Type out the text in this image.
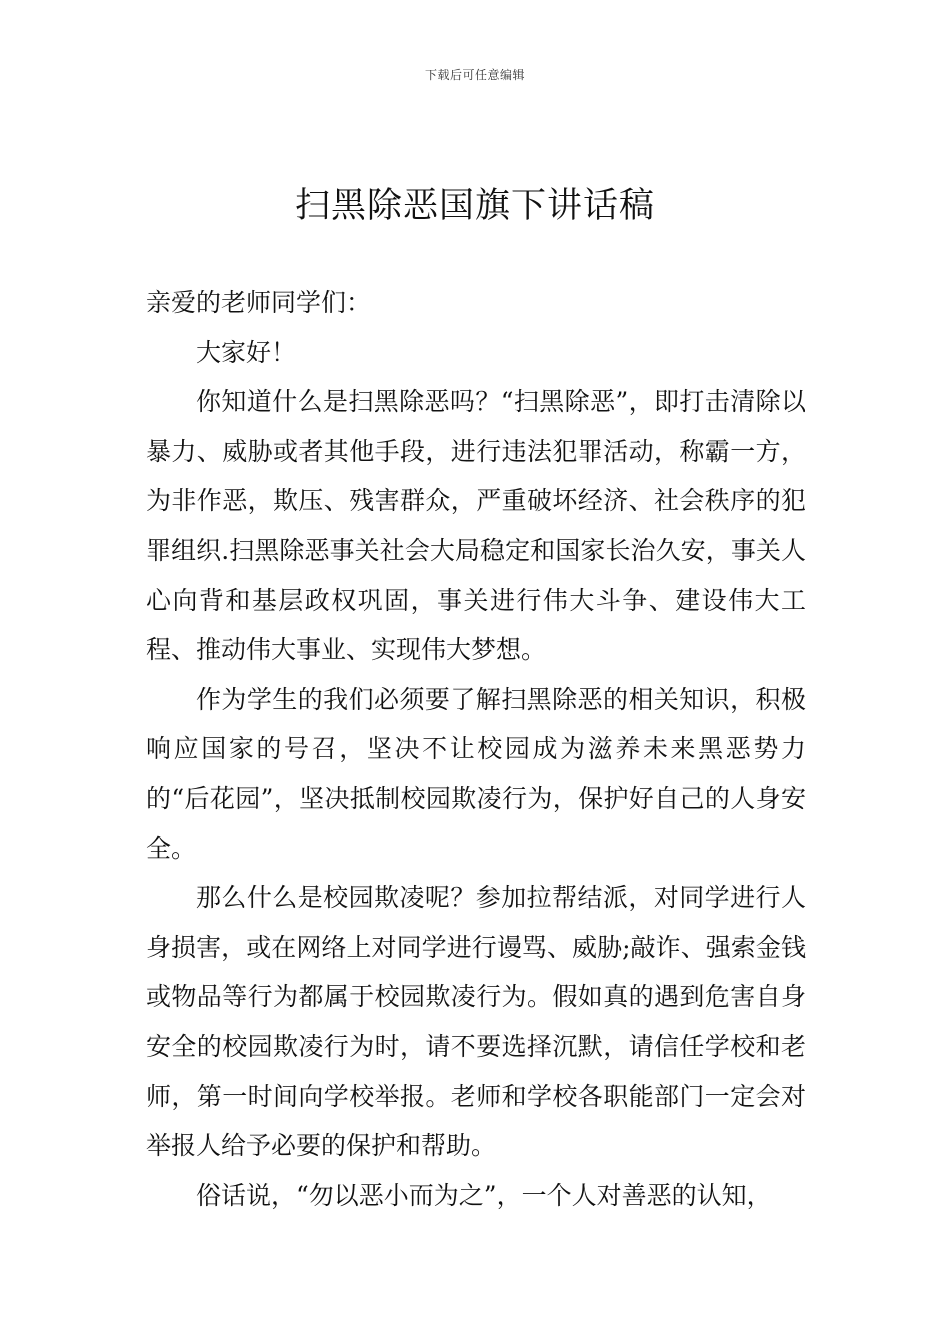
下载后可任意编辑
扫黑除恶国旗下讲话稿

亲爱的老师同学们：

大家好！

你知道什么是扫黑除恶吗？“扫黑除恶”，即打击清除以暴力、威胁或者其他手段，进行违法犯罪活动，称霸一方，为非作恶，欺压、残害群众，严重破坏经济、社会秩序的犯罪组织.扫黑除恶事关社会大局稳定和国家长治久安，事关人心向背和基层政权巩固，事关进行伟大斗争、建设伟大工程、推动伟大事业、实现伟大梦想。

作为学生的我们必须要了解扫黑除恶的相关知识，积极响应国家的号召，坚决不让校园成为滋养未来黑恶势力的“后花园”，坚决抵制校园欺凌行为，保护好自己的人身安全。

那么什么是校园欺凌呢？参加拉帮结派，对同学进行人身损害，或在网络上对同学进行谩骂、威胁;敲诈、强索金钱或物品等行为都属于校园欺凌行为。假如真的遇到危害自身安全的校园欺凌行为时，请不要选择沉默，请信任学校和老师，第一时间向学校举报。老师和学校各职能部门一定会对举报人给予必要的保护和帮助。

俗话说，“勿以恶小而为之”，一个人对善恶的认知，
